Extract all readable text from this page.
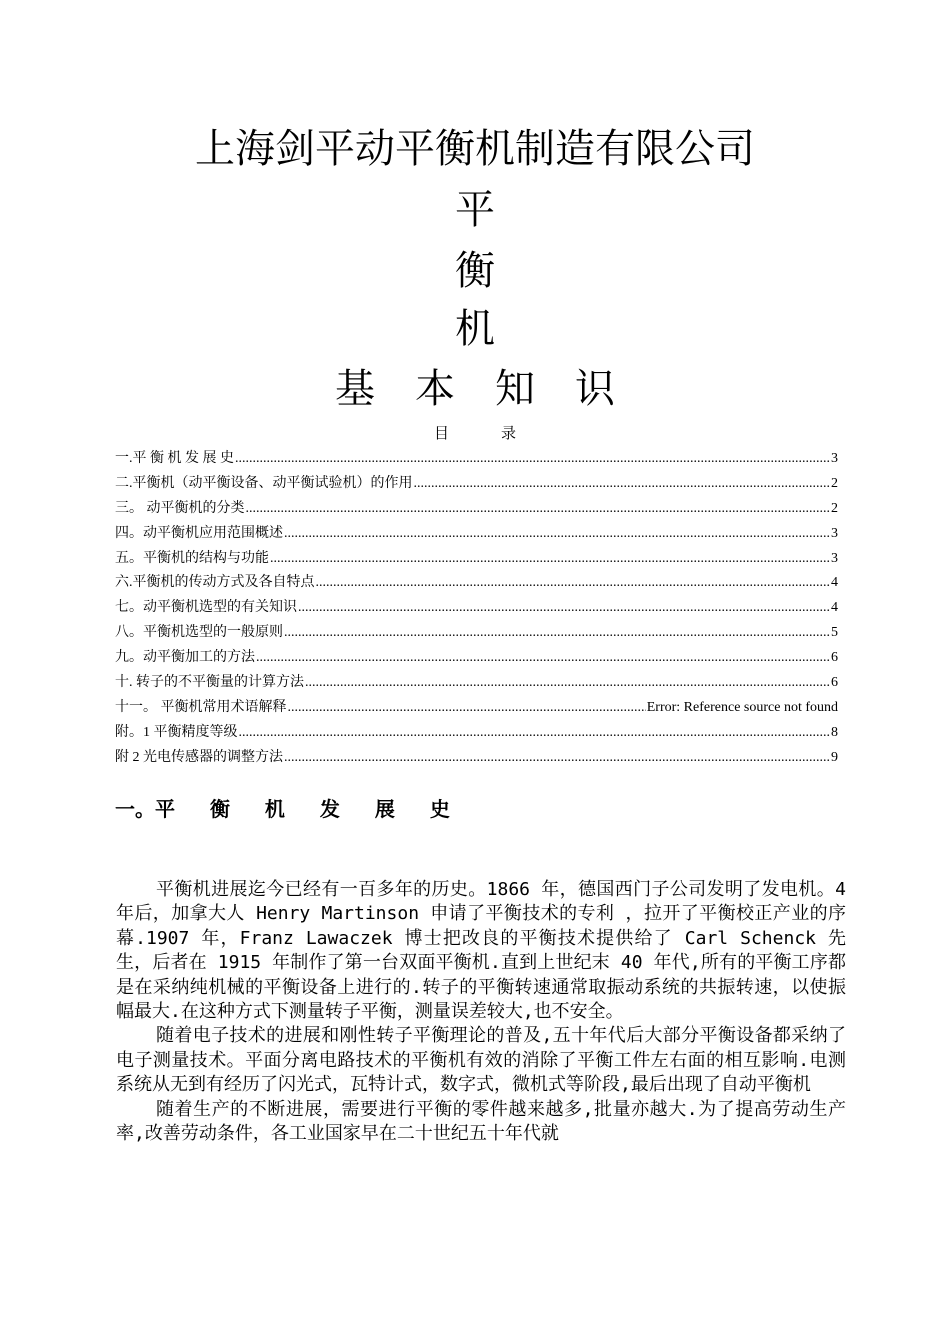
上海剑平动平衡机制造有限公司
平
衡
机
基 本 知 识
目	录
一.平 衡 机 发 展 史 .....	3
二.平衡机（动平衡设备、动平衡试验机）的作用 .....	2
三。 动平衡机的分类 .....	2
四。动平衡机应用范围概述 .....	3
五。平衡机的结构与功能 .....	3
六.平衡机的传动方式及各自特点 .....	4
七。动平衡机选型的有关知识 .....	4
八。平衡机选型的一般原则 .....	5
九。动平衡加工的方法 .....	6
十. 转子的不平衡量的计算方法 .....	6
十一。 平衡机常用术语解释 .....	Error: Reference source not found
附。1 平衡精度等级 .....	8
附 2 光电传感器的调整方法 .....	9
一。平 衡 机 发 展 史

平衡机进展迄今已经有一百多年的历史。1866 年，德国西门子公司发明了发电机。4 年后，加拿大人 Henry Martinson 申请了平衡技术的专利 ，拉开了平衡校正产业的序幕.1907 年，Franz Lawaczek 博士把改良的平衡技术提供给了 Carl Schenck 先生，后者在 1915 年制作了第一台双面平衡机.直到上世纪末 40 年代,所有的平衡工序都是在采纳纯机械的平衡设备上进行的.转子的平衡转速通常取振动系统的共振转速，以使振幅最大.在这种方式下测量转子平衡，测量误差较大,也不安全。

随着电子技术的进展和刚性转子平衡理论的普及,五十年代后大部分平衡设备都采纳了电子测量技术。平面分离电路技术的平衡机有效的消除了平衡工件左右面的相互影响.电测系统从无到有经历了闪光式，瓦特计式，数字式，微机式等阶段,最后出现了自动平衡机

随着生产的不断进展，需要进行平衡的零件越来越多,批量亦越大.为了提高劳动生产率,改善劳动条件，各工业国家早在二十世纪五十年代就
